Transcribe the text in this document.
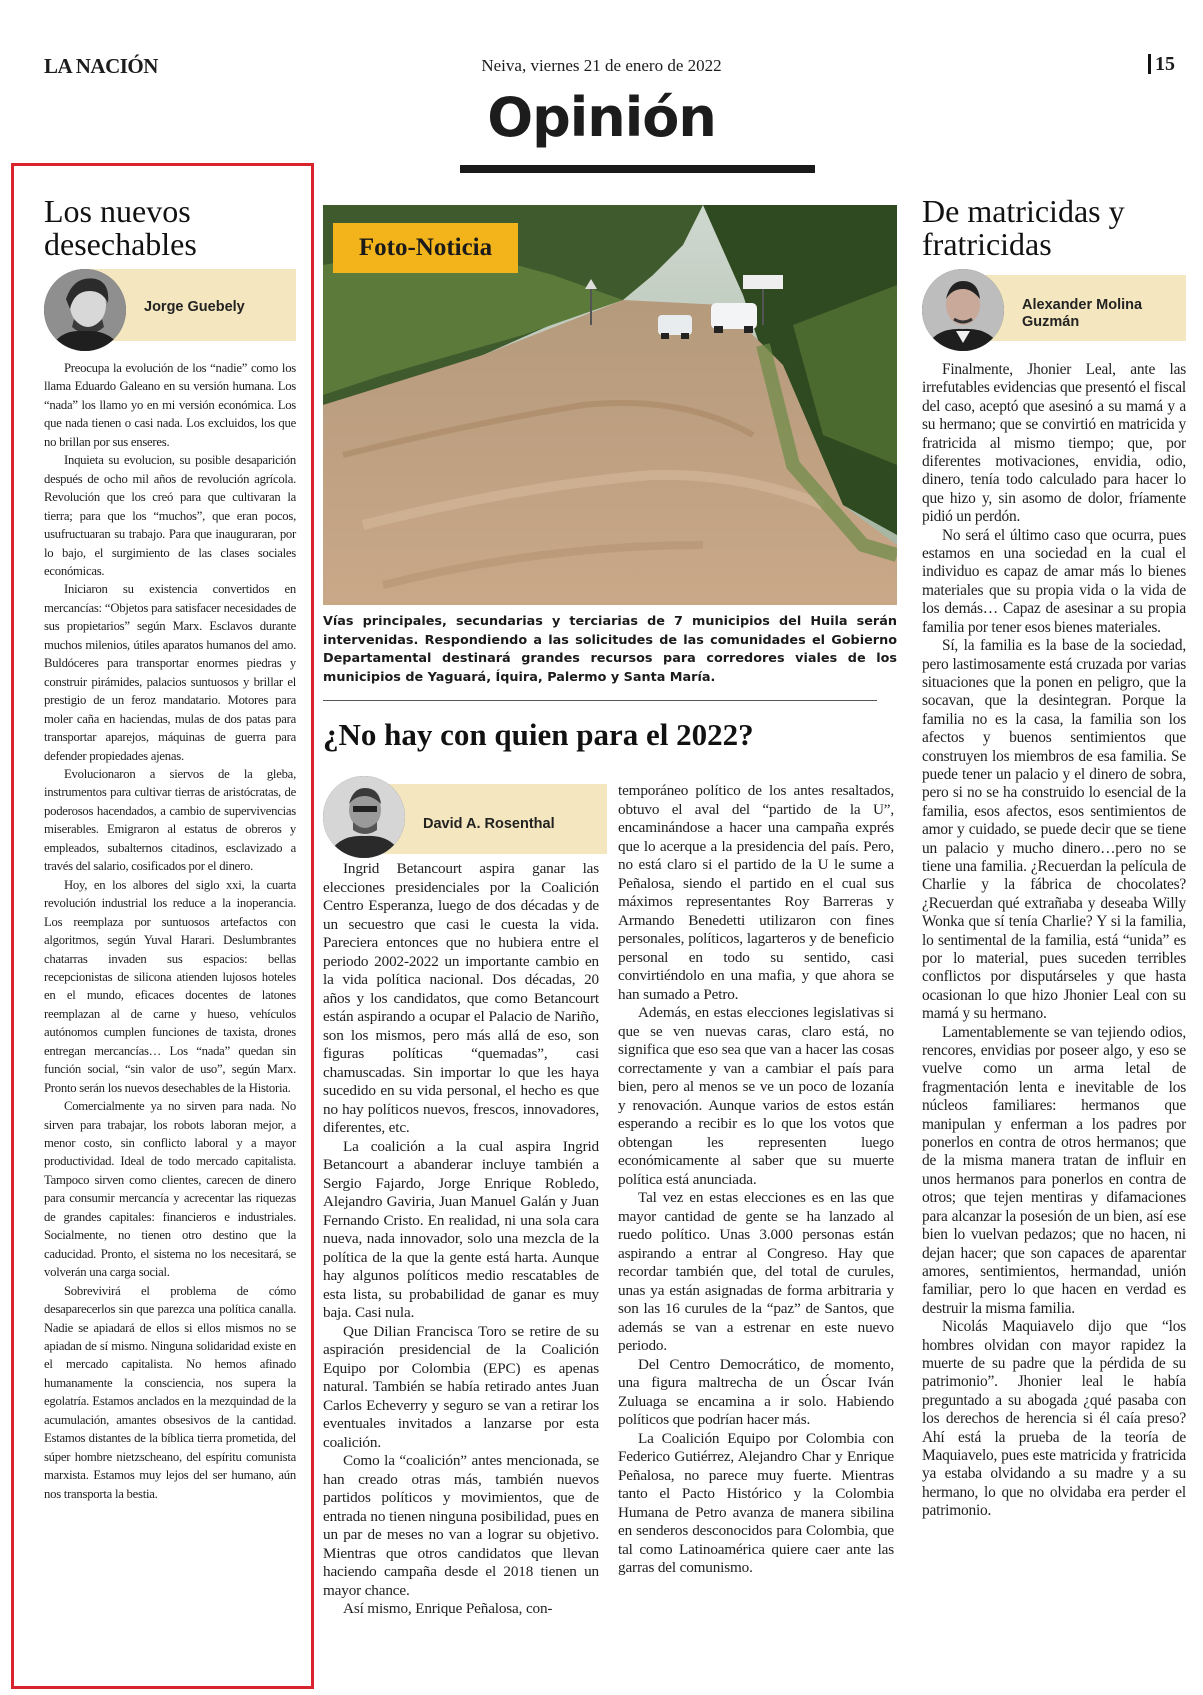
LA NACIÓN	Neiva, viernes 21 de enero de 2022	15
Opinión
Los nuevos desechables
Jorge Guebely

Preocupa la evolución de los “nadie” como los llama Eduardo Galeano en su versión humana. Los “nada” los llamo yo en mi versión económica. Los que nada tienen o casi nada. Los excluidos, los que no brillan por sus enseres.

Inquieta su evolucion, su posible desaparición después de ocho mil años de revolución agrícola. Revolución que los creó para que cultivaran la tierra; para que los “muchos”, que eran pocos, usufructuaran su trabajo. Para que inauguraran, por lo bajo, el surgimiento de las clases sociales económicas.

Iniciaron su existencia convertidos en mercancías: “Objetos para satisfacer necesidades de sus propietarios” según Marx. Esclavos durante muchos milenios, útiles aparatos humanos del amo. Buldóceres para transportar enormes piedras y construir pirámides, palacios suntuosos y brillar el prestigio de un feroz mandatario. Motores para moler caña en haciendas, mulas de dos patas para transportar aparejos, máquinas de guerra para defender propiedades ajenas.

Evolucionaron a siervos de la gleba, instrumentos para cultivar tierras de aristócratas, de poderosos hacendados, a cambio de supervivencias miserables. Emigraron al estatus de obreros y empleados, subalternos citadinos, esclavizado a través del salario, cosificados por el dinero.

Hoy, en los albores del siglo xxi, la cuarta revolución industrial los reduce a la inoperancia. Los reemplaza por suntuosos artefactos con algoritmos, según Yuval Harari. Deslumbrantes chatarras invaden sus espacios: bellas recepcionistas de silicona atienden lujosos hoteles en el mundo, eficaces docentes de latones reemplazan al de carne y hueso, vehículos autónomos cumplen funciones de taxista, drones entregan mercancías… Los “nada” quedan sin función social, “sin valor de uso”, según Marx. Pronto serán los nuevos desechables de la Historia.

Comercialmente ya no sirven para nada. No sirven para trabajar, los robots laboran mejor, a menor costo, sin conflicto laboral y a mayor productividad. Ideal de todo mercado capitalista. Tampoco sirven como clientes, carecen de dinero para consumir mercancía y acrecentar las riquezas de grandes capitales: financieros e industriales. Socialmente, no tienen otro destino que la caducidad. Pronto, el sistema no los necesitará, se volverán una carga social.

Sobrevivirá el problema de cómo desaparecerlos sin que parezca una política canalla. Nadie se apiadará de ellos si ellos mismos no se apiadan de sí mismo. Ninguna solidaridad existe en el mercado capitalista. No hemos afinado humanamente la consciencia, nos supera la egolatría. Estamos anclados en la mezquindad de la acumulación, amantes obsesivos de la cantidad. Estamos distantes de la bíblica tierra prometida, del súper hombre nietzscheano, del espíritu comunista marxista. Estamos muy lejos del ser humano, aún nos transporta la bestia.

Foto-Noticia
Vías principales, secundarias y terciarias de 7 municipios del Huila serán intervenidas. Respondiendo a las solicitudes de las comunidades el Gobierno Departamental destinará grandes recursos para corredores viales de los municipios de Yaguará, Íquira, Palermo y Santa María.
¿No hay con quien para el 2022?
David A. Rosenthal

Ingrid Betancourt aspira ganar las elecciones presidenciales por la Coalición Centro Esperanza, luego de dos décadas y de un secuestro que casi le cuesta la vida. Pareciera entonces que no hubiera entre el periodo 2002-2022 un importante cambio en la vida política nacional. Dos décadas, 20 años y los candidatos, que como Betancourt están aspirando a ocupar el Palacio de Nariño, son los mismos, pero más allá de eso, son figuras políticas “quemadas”, casi chamuscadas. Sin importar lo que les haya sucedido en su vida personal, el hecho es que no hay políticos nuevos, frescos, innovadores, diferentes, etc.

La coalición a la cual aspira Ingrid Betancourt a abanderar incluye también a Sergio Fajardo, Jorge Enrique Robledo, Alejandro Gaviria, Juan Manuel Galán y Juan Fernando Cristo. En realidad, ni una sola cara nueva, nada innovador, solo una mezcla de la política de la que la gente está harta. Aunque hay algunos políticos medio rescatables de esta lista, su probabilidad de ganar es muy baja. Casi nula.

Que Dilian Francisca Toro se retire de su aspiración presidencial de la Coalición Equipo por Colombia (EPC) es apenas natural. También se había retirado antes Juan Carlos Echeverry y seguro se van a retirar los eventuales invitados a lanzarse por esta coalición.

Como la “coalición” antes mencionada, se han creado otras más, también nuevos partidos políticos y movimientos, que de entrada no tienen ninguna posibilidad, pues en un par de meses no van a lograr su objetivo. Mientras que otros candidatos que llevan haciendo campaña desde el 2018 tienen un mayor chance.

Así mismo, Enrique Peñalosa, con-

temporáneo político de los antes resaltados, obtuvo el aval del “partido de la U”, encaminándose a hacer una campaña exprés que lo acerque a la presidencia del país. Pero, no está claro si el partido de la U le sume a Peñalosa, siendo el partido en el cual sus máximos representantes Roy Barreras y Armando Benedetti utilizaron con fines personales, políticos, lagarteros y de beneficio personal en todo su sentido, casi convirtiéndolo en una mafia, y que ahora se han sumado a Petro.

Además, en estas elecciones legislativas si que se ven nuevas caras, claro está, no significa que eso sea que van a hacer las cosas correctamente y van a cambiar el país para bien, pero al menos se ve un poco de lozanía y renovación. Aunque varios de estos están esperando a recibir es lo que los votos que obtengan les representen luego económicamente al saber que su muerte política está anunciada.

Tal vez en estas elecciones es en las que mayor cantidad de gente se ha lanzado al ruedo político. Unas 3.000 personas están aspirando a entrar al Congreso. Hay que recordar también que, del total de curules, unas ya están asignadas de forma arbitraria y son las 16 curules de la “paz” de Santos, que además se van a estrenar en este nuevo periodo.

Del Centro Democrático, de momento, una figura maltrecha de un Óscar Iván Zuluaga se encamina a ir solo. Habiendo políticos que podrían hacer más.

La Coalición Equipo por Colombia con Federico Gutiérrez, Alejandro Char y Enrique Peñalosa, no parece muy fuerte. Mientras tanto el Pacto Histórico y la Colombia Humana de Petro avanza de manera sibilina en senderos desconocidos para Colombia, que tal como Latinoamérica quiere caer ante las garras del comunismo.

De matricidas y fratricidas
Alexander Molina Guzmán

Finalmente, Jhonier Leal, ante las irrefutables evidencias que presentó el fiscal del caso, aceptó que asesinó a su mamá y a su hermano; que se convirtió en matricida y fratricida al mismo tiempo; que, por diferentes motivaciones, envidia, odio, dinero, tenía todo calculado para hacer lo que hizo y, sin asomo de dolor, fríamente pidió un perdón.

No será el último caso que ocurra, pues estamos en una sociedad en la cual el individuo es capaz de amar más lo bienes materiales que su propia vida o la vida de los demás… Capaz de asesinar a su propia familia por tener esos bienes materiales.

Sí, la familia es la base de la sociedad, pero lastimosamente está cruzada por varias situaciones que la ponen en peligro, que la socavan, que la desintegran. Porque la familia no es la casa, la familia son los afectos y buenos sentimientos que construyen los miembros de esa familia. Se puede tener un palacio y el dinero de sobra, pero si no se ha construido lo esencial de la familia, esos afectos, esos sentimientos de amor y cuidado, se puede decir que se tiene un palacio y mucho dinero…pero no se tiene una familia. ¿Recuerdan la película de Charlie y la fábrica de chocolates? ¿Recuerdan qué extrañaba y deseaba Willy Wonka que sí tenía Charlie? Y si la familia, lo sentimental de la familia, está “unida” es por lo material, pues suceden terribles conflictos por disputárseles y que hasta ocasionan lo que hizo Jhonier Leal con su mamá y su hermano.

Lamentablemente se van tejiendo odios, rencores, envidias por poseer algo, y eso se vuelve como un arma letal de fragmentación lenta e inevitable de los núcleos familiares: hermanos que manipulan y enferman a los padres por ponerlos en contra de otros hermanos; que de la misma manera tratan de influir en unos hermanos para ponerlos en contra de otros; que tejen mentiras y difamaciones para alcanzar la posesión de un bien, así ese bien lo vuelvan pedazos; que no hacen, ni dejan hacer; que son capaces de aparentar amores, sentimientos, hermandad, unión familiar, pero lo que hacen en verdad es destruir la misma familia.

Nicolás Maquiavelo dijo que “los hombres olvidan con mayor rapidez la muerte de su padre que la pérdida de su patrimonio”. Jhonier leal le había preguntado a su abogada ¿qué pasaba con los derechos de herencia si él caía preso? Ahí está la prueba de la teoría de Maquiavelo, pues este matricida y fratricida ya estaba olvidando a su madre y a su hermano, lo que no olvidaba era perder el patrimonio.
